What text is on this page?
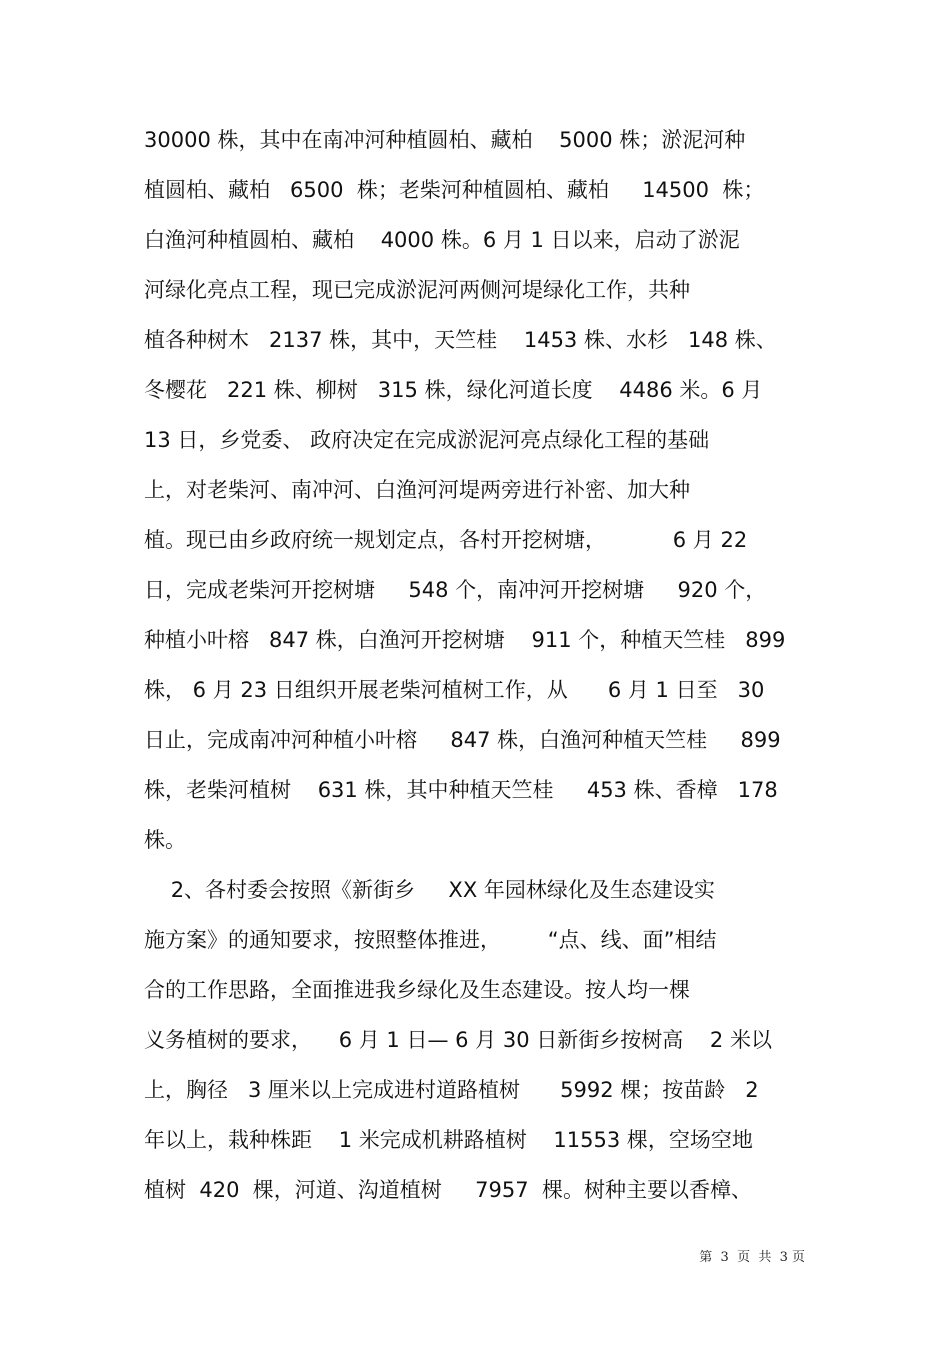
30000 株，其中在南冲河种植圆柏、藏柏    5000 株；淤泥河种
植圆柏、藏柏   6500  株；老柴河种植圆柏、藏柏     14500  株；
白渔河种植圆柏、藏柏    4000 株。6 月 1 日以来，启动了淤泥
河绿化亮点工程，现已完成淤泥河两侧河堤绿化工作，共种
植各种树木   2137 株，其中，天竺桂    1453 株、水杉   148 株、
冬樱花   221 株、柳树   315 株，绿化河道长度    4486 米。6 月
13 日，乡党委、 政府决定在完成淤泥河亮点绿化工程的基础
上，对老柴河、南冲河、白渔河河堤两旁进行补密、加大种
植。现已由乡政府统一规划定点，各村开挖树塘，          6 月 22
日，完成老柴河开挖树塘     548 个，南冲河开挖树塘     920 个，
种植小叶榕   847 株，白渔河开挖树塘    911 个，种植天竺桂   899
株， 6 月 23 日组织开展老柴河植树工作，从      6 月 1 日至   30
日止，完成南冲河种植小叶榕     847 株，白渔河种植天竺桂     899
株，老柴河植树    631 株，其中种植天竺桂     453 株、香樟   178
株。
2、各村委会按照《新街乡     XX 年园林绿化及生态建设实
施方案》的通知要求，按照整体推进，       “点、线、面”相结
合的工作思路，全面推进我乡绿化及生态建设。按人均一棵
义务植树的要求，    6 月 1 日— 6 月 30 日新街乡按树高    2 米以
上，胸径   3 厘米以上完成进村道路植树      5992 棵；按苗龄   2
年以上，栽种株距    1 米完成机耕路植树    11553 棵，空场空地
植树  420  棵，河道、沟道植树     7957  棵。树种主要以香樟、
第  3  页  共  3 页
